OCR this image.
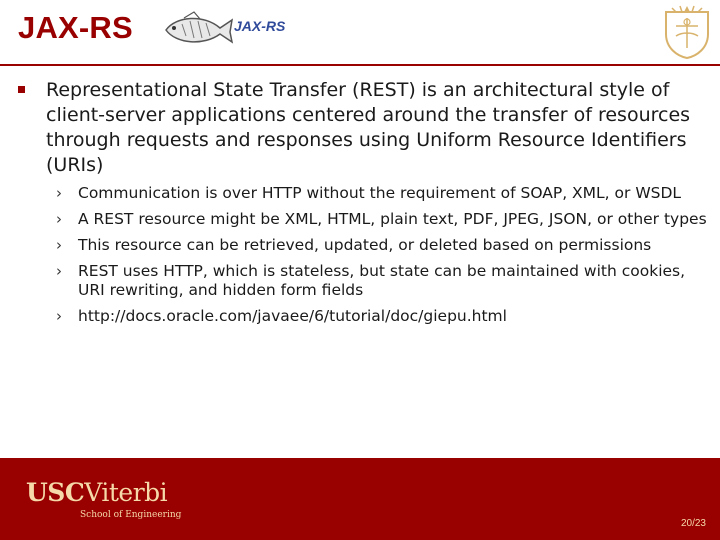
JAX-RS	JAX-RS

Representational State Transfer (REST) is an architectural style of client-server applications centered around the transfer of resources through requests and responses using Uniform Resource Identifiers (URIs)

› Communication is over HTTP without the requirement of SOAP, XML, or WSDL
› A REST resource might be XML, HTML, plain text, PDF, JPEG, JSON, or other types
› This resource can be retrieved, updated, or deleted based on permissions
› REST uses HTTP, which is stateless, but state can be maintained with cookies, URI rewriting, and hidden form fields
› http://docs.oracle.com/javaee/6/tutorial/doc/giepu.html
USCViterbi
School of Engineering
20/23
